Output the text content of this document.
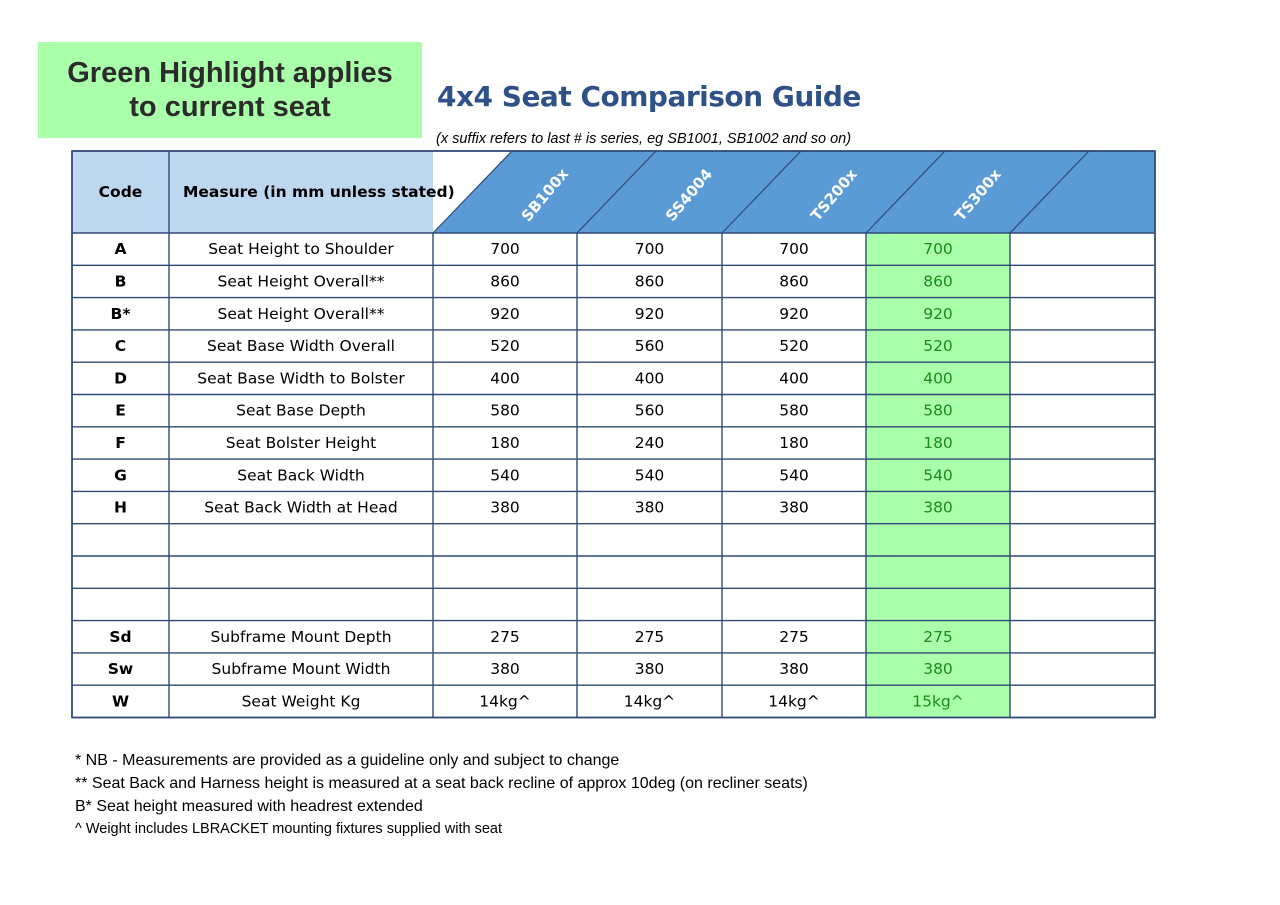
Green Highlight applies
to current seat	4x4 Seat Comparison Guide
(x suffix refers to last # is series, eg SB1001, SB1002 and so on)
Code	Measure (in mm unless stated)	SB100x	SS4004	TS200x	TS300x
A	Seat Height to Shoulder	700	700	700	700
B	Seat Height Overall**	860	860	860	860
B*	Seat Height Overall**	920	920	920	920
C	Seat Base Width Overall	520	560	520	520
D	Seat Base Width to Bolster	400	400	400	400
E	Seat Base Depth	580	560	580	580
F	Seat Bolster Height	180	240	180	180
G	Seat Back Width	540	540	540	540
H	Seat Back Width at Head	380	380	380	380
Sd	Subframe Mount Depth	275	275	275	275
Sw	Subframe Mount Width	380	380	380	380
W	Seat Weight Kg	14kg^	14kg^	14kg^	15kg^
* NB - Measurements are provided as a guideline only and subject to change
** Seat Back and Harness height is measured at a seat back recline of approx 10deg (on recliner seats)
B* Seat height measured with headrest extended
^ Weight includes LBRACKET mounting fixtures supplied with seat
